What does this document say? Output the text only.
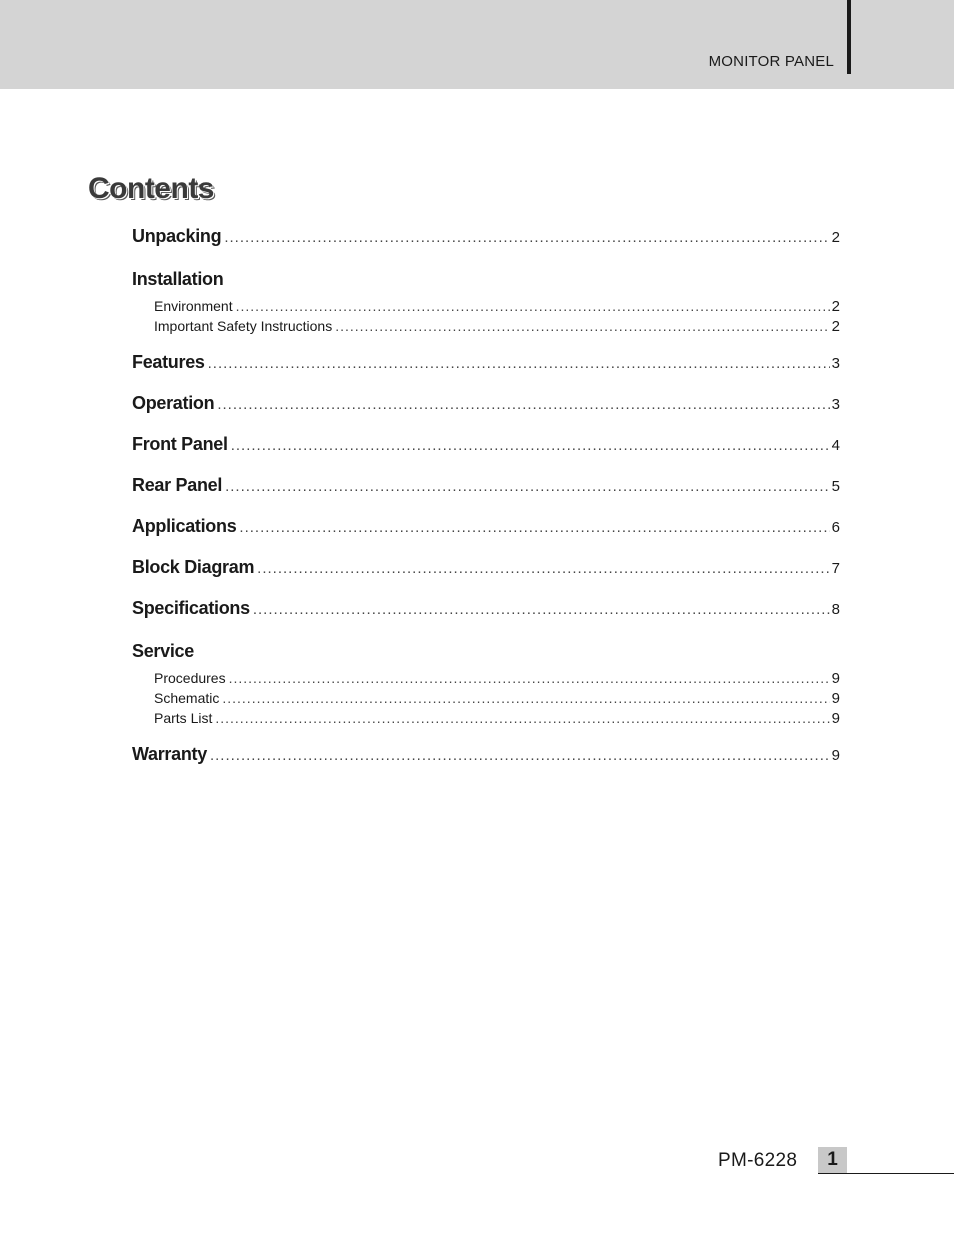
MONITOR PANEL
Contents
Unpacking .....	2
Installation
Environment .....	2
Important Safety Instructions .....	2
Features .....	3
Operation .....	3
Front Panel .....	4
Rear Panel .....	5
Applications .....	6
Block Diagram .....	7
Specifications .....	8
Service
Procedures .....	9
Schematic .....	9
Parts List .....	9
Warranty .....	9
PM-6228	1
